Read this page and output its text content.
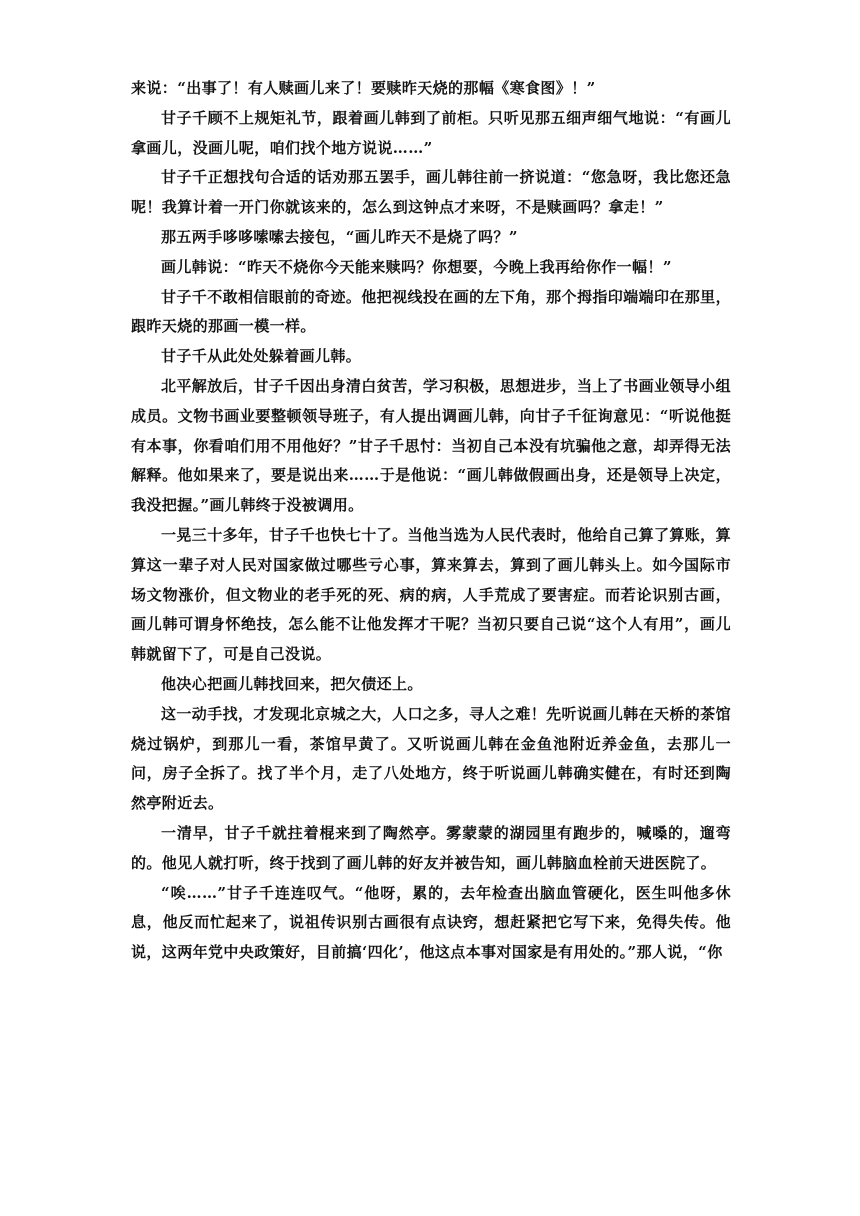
来说：“出事了！有人赎画儿来了！要赎昨天烧的那幅《寒食图》！”

甘子千顾不上规矩礼节，跟着画儿韩到了前柜。只听见那五细声细气地说：“有画儿拿画儿，没画儿呢，咱们找个地方说说……”

甘子千正想找句合适的话劝那五罢手，画儿韩往前一挤说道：“您急呀，我比您还急呢！我算计着一开门你就该来的，怎么到这钟点才来呀，不是赎画吗？拿走！”

那五两手哆哆嗦嗦去接包，“画儿昨天不是烧了吗？”

画儿韩说：“昨天不烧你今天能来赎吗？你想要，今晚上我再给你作一幅！”

甘子千不敢相信眼前的奇迹。他把视线投在画的左下角，那个拇指印端端印在那里，跟昨天烧的那画一模一样。

甘子千从此处处躲着画儿韩。

北平解放后，甘子千因出身清白贫苦，学习积极，思想进步，当上了书画业领导小组成员。文物书画业要整顿领导班子，有人提出调画儿韩，向甘子千征询意见：“听说他挺有本事，你看咱们用不用他好？”甘子千思忖：当初自己本没有坑骗他之意，却弄得无法解释。他如果来了，要是说出来……于是他说：“画儿韩做假画出身，还是领导上决定，我没把握。”画儿韩终于没被调用。

一晃三十多年，甘子千也快七十了。当他当选为人民代表时，他给自己算了算账，算算这一辈子对人民对国家做过哪些亏心事，算来算去，算到了画儿韩头上。如今国际市场文物涨价，但文物业的老手死的死、病的病，人手荒成了要害症。而若论识别古画，画儿韩可谓身怀绝技，怎么能不让他发挥才干呢？当初只要自己说“这个人有用”，画儿韩就留下了，可是自己没说。

他决心把画儿韩找回来，把欠债还上。

这一动手找，才发现北京城之大，人口之多，寻人之难！先听说画儿韩在天桥的茶馆烧过锅炉，到那儿一看，茶馆早黄了。又听说画儿韩在金鱼池附近养金鱼，去那儿一问，房子全拆了。找了半个月，走了八处地方，终于听说画儿韩确实健在，有时还到陶然亭附近去。

一清早，甘子千就拄着棍来到了陶然亭。雾蒙蒙的湖园里有跑步的，喊嗓的，遛弯的。他见人就打听，终于找到了画儿韩的好友并被告知，画儿韩脑血栓前天进医院了。

“唉……”甘子千连连叹气。“他呀，累的，去年检查出脑血管硬化，医生叫他多休息，他反而忙起来了，说祖传识别古画很有点诀窍，想赶紧把它写下来，免得失传。他说，这两年党中央政策好，目前搞‘四化’，他这点本事对国家是有用处的。”那人说，“你
